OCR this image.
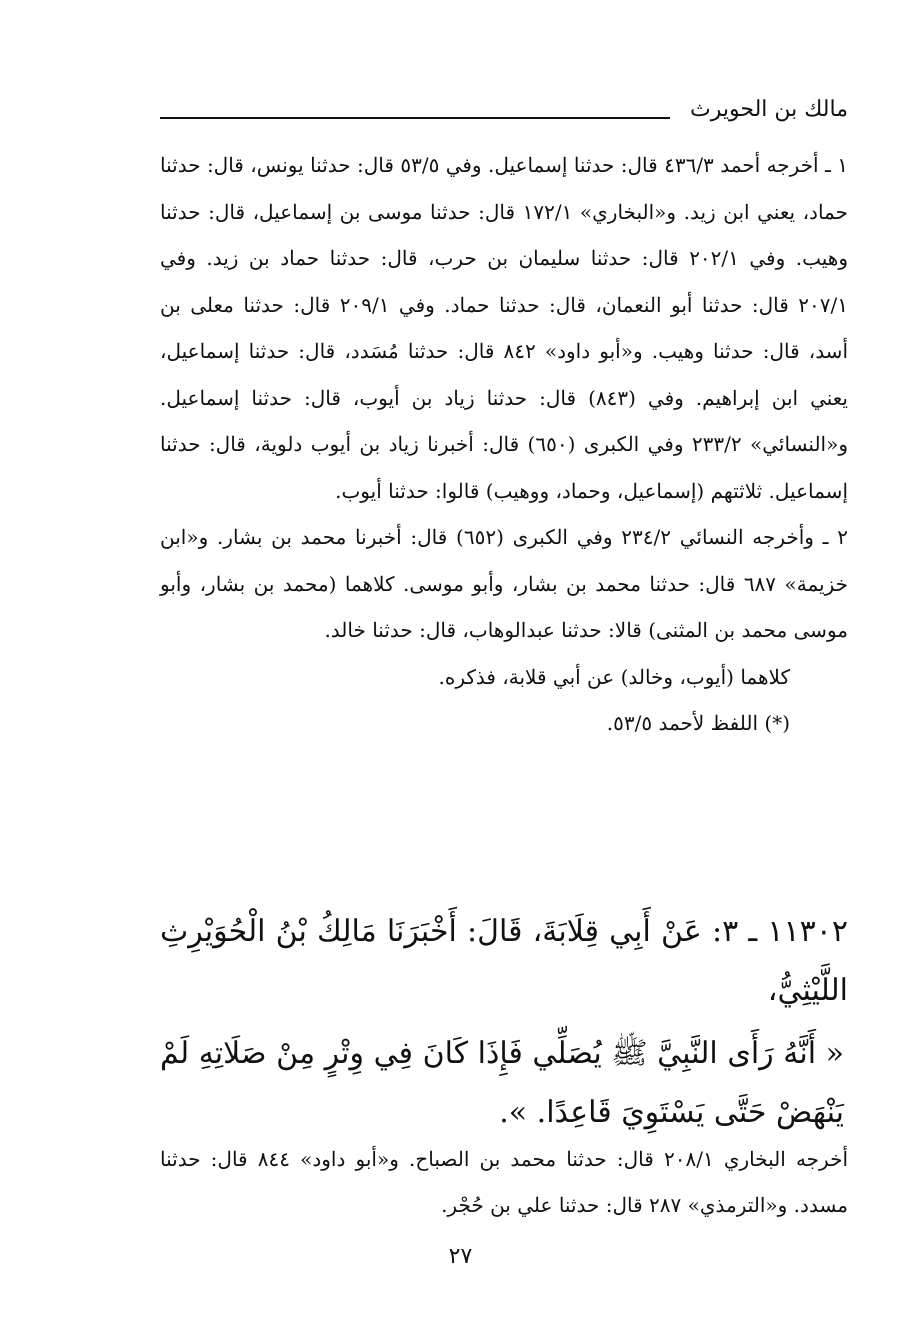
مالك بن الحويرث

١ ـ أخرجه أحمد ٤٣٦/٣ قال: حدثنا إسماعيل. وفي ٥٣/٥ قال: حدثنا يونس، قال: حدثنا حماد، يعني ابن زيد. و«البخاري» ١٧٢/١ قال: حدثنا موسى بن إسماعيل، قال: حدثنا وهيب. وفي ٢٠٢/١ قال: حدثنا سليمان بن حرب، قال: حدثنا حماد بن زيد. وفي ٢٠٧/١ قال: حدثنا أبو النعمان، قال: حدثنا حماد. وفي ٢٠٩/١ قال: حدثنا معلى بن أسد، قال: حدثنا وهيب. و«أبو داود» ٨٤٢ قال: حدثنا مُسَدد، قال: حدثنا إسماعيل، يعني ابن إبراهيم. وفي (٨٤٣) قال: حدثنا زياد بن أيوب، قال: حدثنا إسماعيل. و«النسائي» ٢٣٣/٢ وفي الكبرى (٦٥٠) قال: أخبرنا زياد بن أيوب دلوية، قال: حدثنا إسماعيل. ثلاثتهم (إسماعيل، وحماد، ووهيب) قالوا: حدثنا أيوب.

٢ ـ وأخرجه النسائي ٢٣٤/٢ وفي الكبرى (٦٥٢) قال: أخبرنا محمد بن بشار. و«ابن خزيمة» ٦٨٧ قال: حدثنا محمد بن بشار، وأبو موسى. كلاهما (محمد بن بشار، وأبو موسى محمد بن المثنى) قالا: حدثنا عبدالوهاب، قال: حدثنا خالد.

كلاهما (أيوب، وخالد) عن أبي قلابة، فذكره.

(*) اللفظ لأحمد ٥٣/٥.

١١٣٠٢ ـ ٣: عَنْ أَبِي قِلَابَةَ، قَالَ: أَخْبَرَنَا مَالِكُ بْنُ الْحُوَيْرِثِ اللَّيْثِيُّ،

« أَنَّهُ رَأَى النَّبِيَّ ﷺ يُصَلِّي فَإِذَا كَانَ فِي وِتْرٍ مِنْ صَلَاتِهِ لَمْ يَنْهَضْ حَتَّى يَسْتَوِيَ قَاعِدًا. ».

أخرجه البخاري ٢٠٨/١ قال: حدثنا محمد بن الصباح. و«أبو داود» ٨٤٤ قال: حدثنا مسدد. و«الترمذي» ٢٨٧ قال: حدثنا علي بن حُجْر.

٢٧
